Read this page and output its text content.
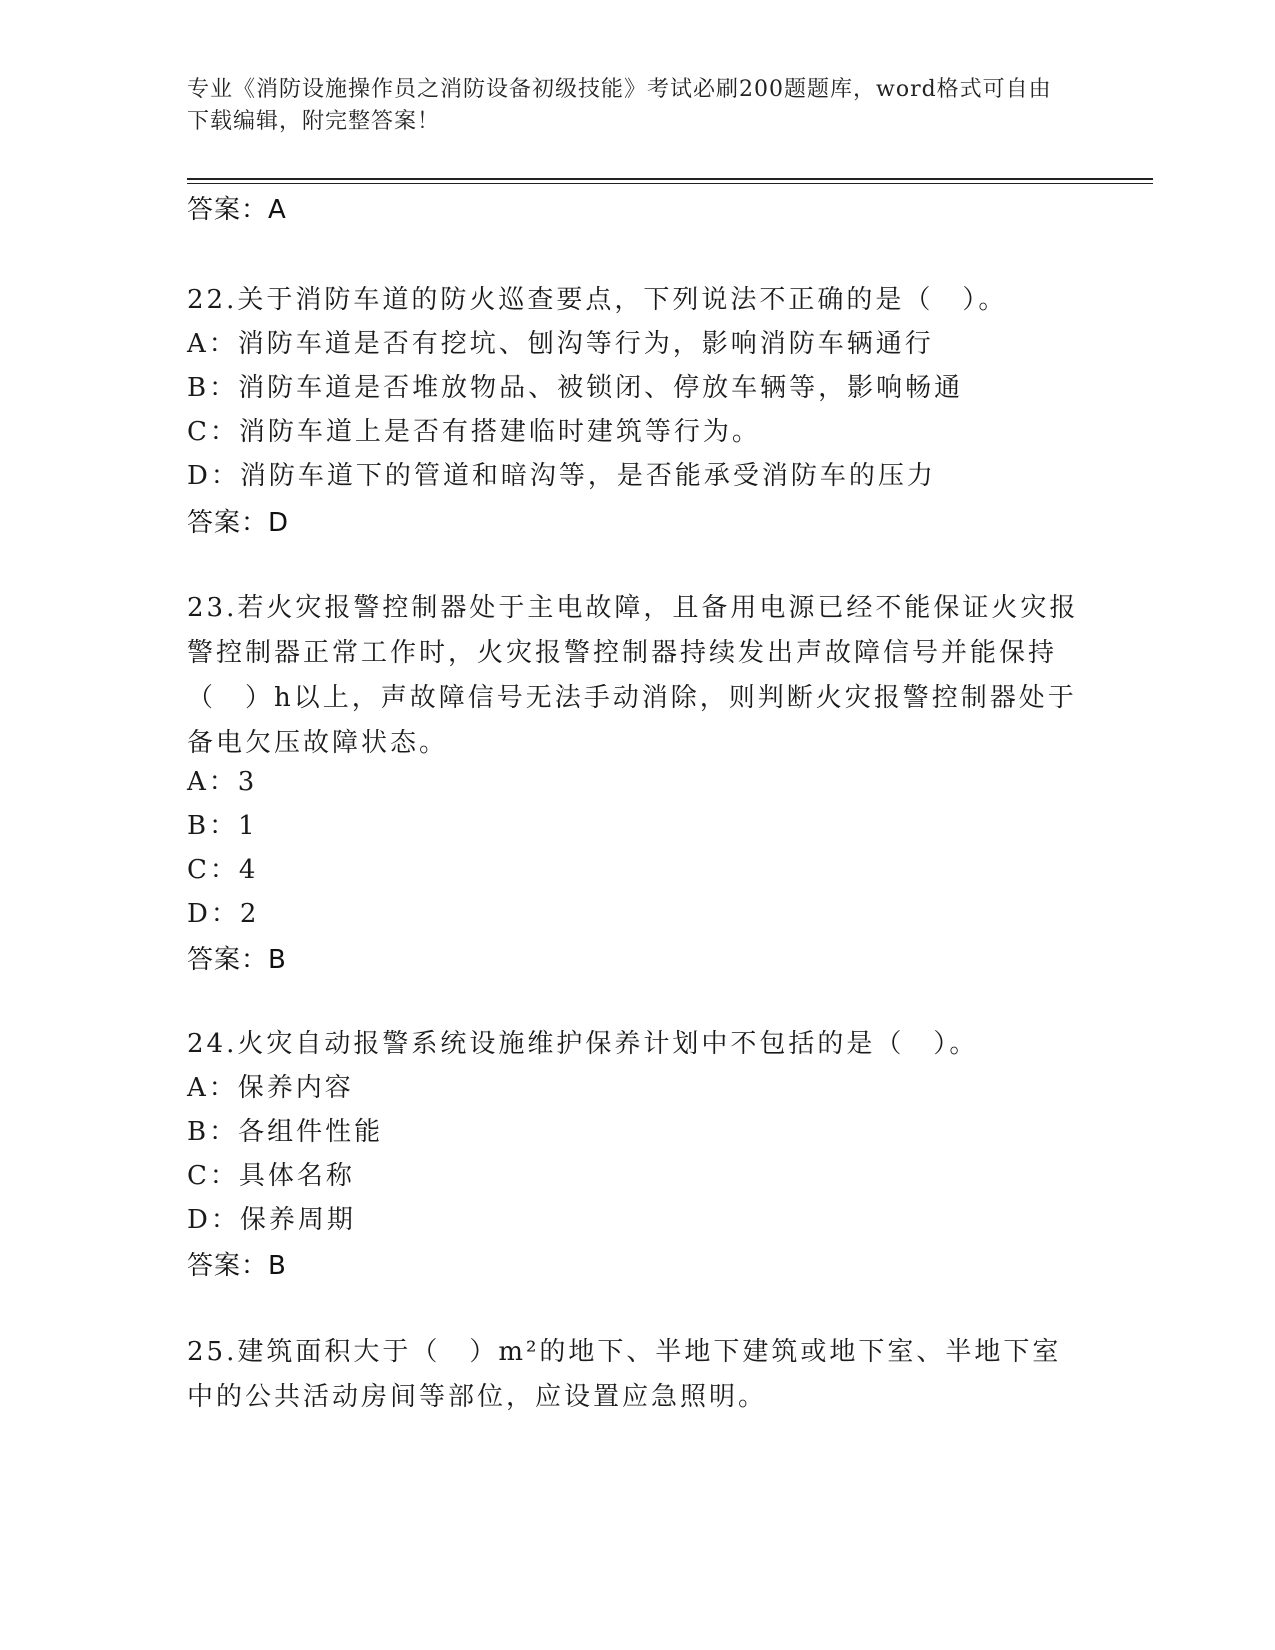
专业《消防设施操作员之消防设备初级技能》考试必刷200题题库，word格式可自由下载编辑，附完整答案！
答案：A
22.关于消防车道的防火巡查要点，下列说法不正确的是（　）。
A：消防车道是否有挖坑、刨沟等行为，影响消防车辆通行
B：消防车道是否堆放物品、被锁闭、停放车辆等，影响畅通
C：消防车道上是否有搭建临时建筑等行为。
D：消防车道下的管道和暗沟等，是否能承受消防车的压力
答案：D
23.若火灾报警控制器处于主电故障，且备用电源已经不能保证火灾报警控制器正常工作时，火灾报警控制器持续发出声故障信号并能保持（　）h以上，声故障信号无法手动消除，则判断火灾报警控制器处于备电欠压故障状态。
A：3
B：1
C：4
D：2
答案：B
24.火灾自动报警系统设施维护保养计划中不包括的是（　）。
A：保养内容
B：各组件性能
C：具体名称
D：保养周期
答案：B
25.建筑面积大于（　）m²的地下、半地下建筑或地下室、半地下室中的公共活动房间等部位，应设置应急照明。
